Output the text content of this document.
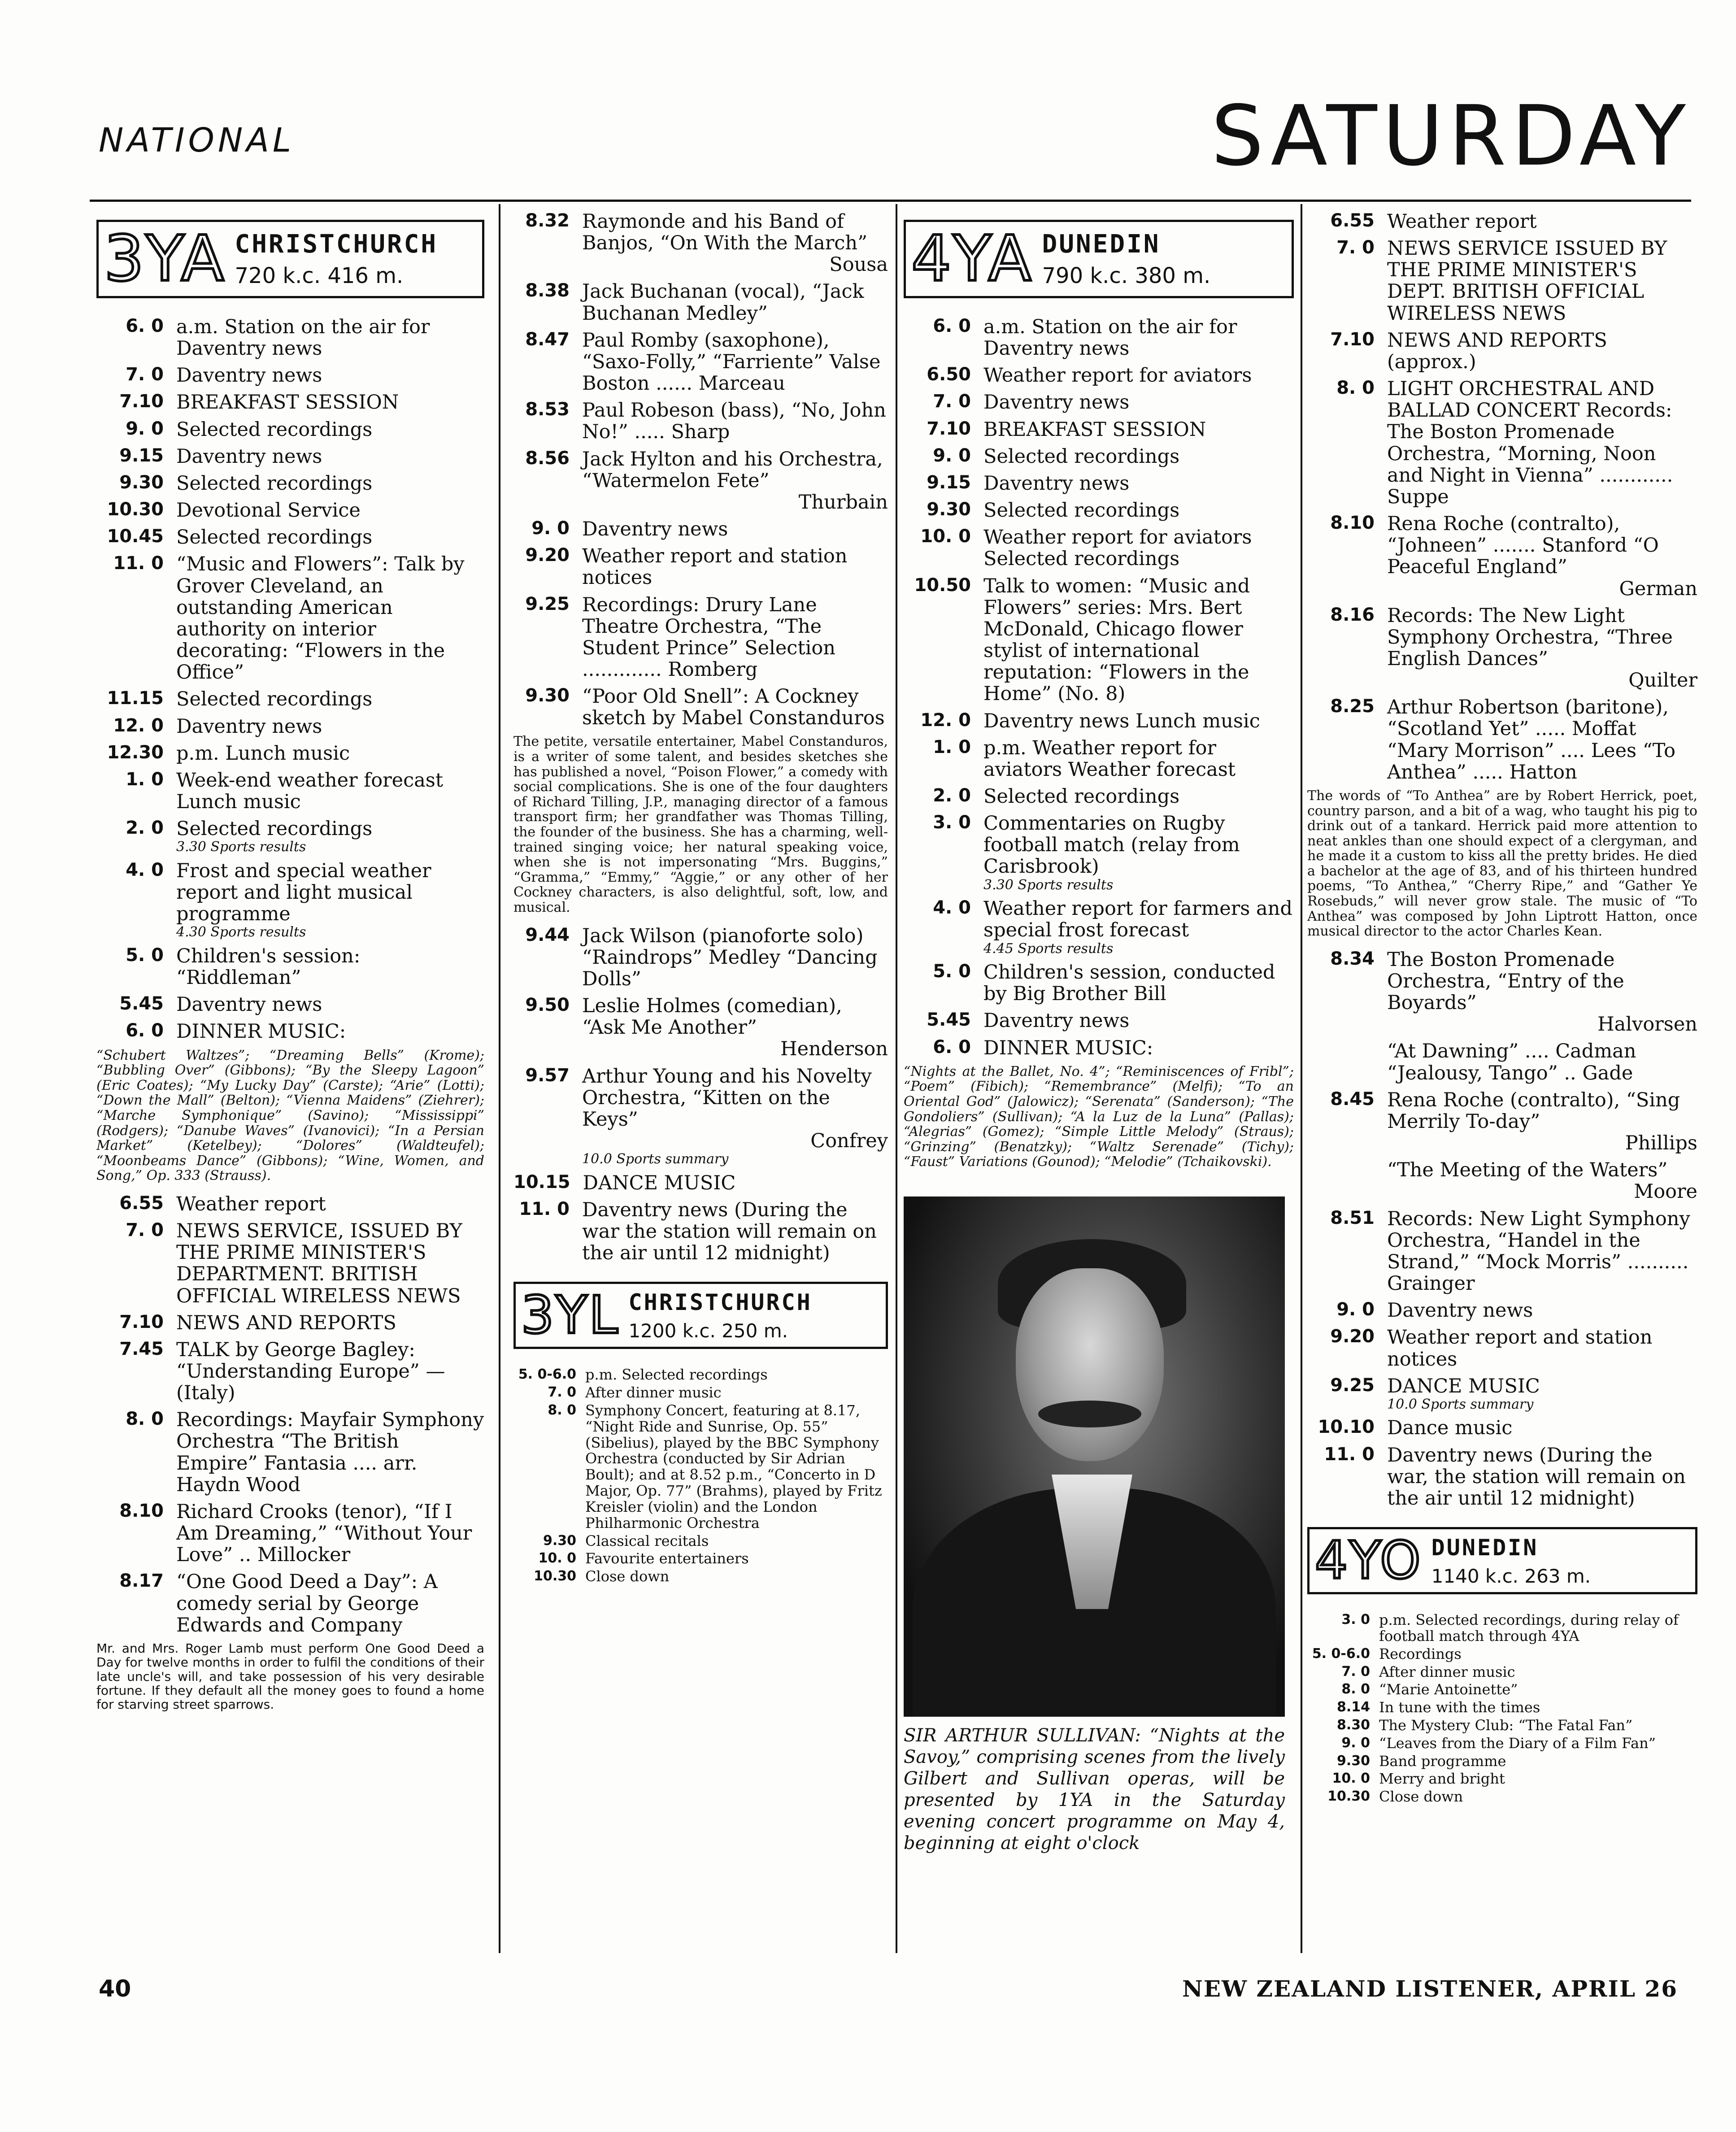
NATIONAL	SATURDAY
3YA CHRISTCHURCH
720 k.c. 416 m.
6. 0 a.m. Station on the air for Daventry news
7. 0 Daventry news
7.10 BREAKFAST SESSION
9. 0 Selected recordings
9.15 Daventry news
9.30 Selected recordings
10.30 Devotional Service
10.45 Selected recordings
11. 0 “Music and Flowers”: Talk by Grover Cleveland, an outstanding American authority on interior decorating: “Flowers in the Office”
11.15 Selected recordings
12. 0 Daventry news
12.30 p.m. Lunch music
1. 0 Week-end weather forecast Lunch music
2. 0 Selected recordings
3.30 Sports results
4. 0 Frost and special weather report and light musical programme
4.30 Sports results
5. 0 Children's session: “Riddleman”
5.45 Daventry news
6. 0 DINNER MUSIC:
“Schubert Waltzes”; “Dreaming Bells” (Krome); “Bubbling Over” (Gibbons); “By the Sleepy Lagoon” (Eric Coates); “My Lucky Day” (Carste); “Arie” (Lotti); “Down the Mall” (Belton); “Vienna Maidens” (Ziehrer); “Marche Symphonique” (Savino); “Mississippi” (Rodgers); “Danube Waves” (Ivanovici); “In a Persian Market” (Ketelbey); “Dolores” (Waldteufel); “Moonbeams Dance” (Gibbons); “Wine, Women, and Song,” Op. 333 (Strauss).
6.55 Weather report
7. 0 NEWS SERVICE, ISSUED BY THE PRIME MINISTER'S DEPARTMENT. BRITISH OFFICIAL WIRELESS NEWS
7.10 NEWS AND REPORTS
7.45 TALK by George Bagley: “Understanding Europe” — (Italy)
8. 0 Recordings: Mayfair Symphony Orchestra “The British Empire” Fantasia .... arr. Haydn Wood
8.10 Richard Crooks (tenor), “If I Am Dreaming,” “Without Your Love” .. Millocker
8.17 “One Good Deed a Day”: A comedy serial by George Edwards and Company
Mr. and Mrs. Roger Lamb must perform One Good Deed a Day for twelve months in order to fulfil the conditions of their late uncle's will, and take possession of his very desirable fortune. If they default all the money goes to found a home for starving street sparrows.
8.32 Raymonde and his Band of Banjos, “On With the March”
Sousa
8.38 Jack Buchanan (vocal), “Jack Buchanan Medley”
8.47 Paul Romby (saxophone), “Saxo-Folly,” “Farriente” Valse Boston ...... Marceau
8.53 Paul Robeson (bass), “No, John No!” ..... Sharp
8.56 Jack Hylton and his Orchestra, “Watermelon Fete”
Thurbain
9. 0 Daventry news
9.20 Weather report and station notices
9.25 Recordings: Drury Lane Theatre Orchestra, “The Student Prince” Selection ............. Romberg
9.30 “Poor Old Snell”: A Cockney sketch by Mabel Constanduros
The petite, versatile entertainer, Mabel Constanduros, is a writer of some talent, and besides sketches she has published a novel, “Poison Flower,” a comedy with social complications. She is one of the four daughters of Richard Tilling, J.P., managing director of a famous transport firm; her grandfather was Thomas Tilling, the founder of the business. She has a charming, well-trained singing voice; her natural speaking voice, when she is not impersonating “Mrs. Buggins,” “Gramma,” “Emmy,” “Aggie,” or any other of her Cockney characters, is also delightful, soft, low, and musical.
9.44 Jack Wilson (pianoforte solo) “Raindrops” Medley “Dancing Dolls”
9.50 Leslie Holmes (comedian), “Ask Me Another”
Henderson
9.57 Arthur Young and his Novelty Orchestra, “Kitten on the Keys”
Confrey
10.0 Sports summary
10.15 DANCE MUSIC
11. 0 Daventry news (During the war the station will remain on the air until 12 midnight)
3YL CHRISTCHURCH
1200 k.c. 250 m.
5. 0-6.0 p.m. Selected recordings
7. 0 After dinner music
8. 0 Symphony Concert, featuring at 8.17, “Night Ride and Sunrise, Op. 55” (Sibelius), played by the BBC Symphony Orchestra (conducted by Sir Adrian Boult); and at 8.52 p.m., “Concerto in D Major, Op. 77” (Brahms), played by Fritz Kreisler (violin) and the London Philharmonic Orchestra
9.30 Classical recitals
10. 0 Favourite entertainers
10.30 Close down
4YA DUNEDIN
790 k.c. 380 m.
6. 0 a.m. Station on the air for Daventry news
6.50 Weather report for aviators
7. 0 Daventry news
7.10 BREAKFAST SESSION
9. 0 Selected recordings
9.15 Daventry news
9.30 Selected recordings
10. 0 Weather report for aviators Selected recordings
10.50 Talk to women: “Music and Flowers” series: Mrs. Bert McDonald, Chicago flower stylist of international reputation: “Flowers in the Home” (No. 8)
12. 0 Daventry news Lunch music
1. 0 p.m. Weather report for aviators Weather forecast
2. 0 Selected recordings
3. 0 Commentaries on Rugby football match (relay from Carisbrook)
3.30 Sports results
4. 0 Weather report for farmers and special frost forecast
4.45 Sports results
5. 0 Children's session, conducted by Big Brother Bill
5.45 Daventry news
6. 0 DINNER MUSIC:
“Nights at the Ballet, No. 4”; “Reminiscences of Fribl”; “Poem” (Fibich); “Remembrance” (Melfi); “To an Oriental God” (Jalowicz); “Serenata” (Sanderson); “The Gondoliers” (Sullivan); “A la Luz de la Luna” (Pallas); “Alegrias” (Gomez); “Simple Little Melody” (Straus); “Grinzing” (Benatzky); “Waltz Serenade” (Tichy); “Faust” Variations (Gounod); “Melodie” (Tchaikovski).
SIR ARTHUR SULLIVAN: “Nights at the Savoy,” comprising scenes from the lively Gilbert and Sullivan operas, will be presented by 1YA in the Saturday evening concert programme on May 4, beginning at eight o'clock
6.55 Weather report
7. 0 NEWS SERVICE ISSUED BY THE PRIME MINISTER'S DEPT. BRITISH OFFICIAL WIRELESS NEWS
7.10 NEWS AND REPORTS (approx.)
8. 0 LIGHT ORCHESTRAL AND BALLAD CONCERT Records: The Boston Promenade Orchestra, “Morning, Noon and Night in Vienna” ............ Suppe
8.10 Rena Roche (contralto), “Johneen” ....... Stanford “O Peaceful England”
German
8.16 Records: The New Light Symphony Orchestra, “Three English Dances”
Quilter
8.25 Arthur Robertson (baritone), “Scotland Yet” ..... Moffat “Mary Morrison” .... Lees “To Anthea” ..... Hatton
The words of “To Anthea” are by Robert Herrick, poet, country parson, and a bit of a wag, who taught his pig to drink out of a tankard. Herrick paid more attention to neat ankles than one should expect of a clergyman, and he made it a custom to kiss all the pretty brides. He died a bachelor at the age of 83, and of his thirteen hundred poems, “To Anthea,” “Cherry Ripe,” and “Gather Ye Rosebuds,” will never grow stale. The music of “To Anthea” was composed by John Liptrott Hatton, once musical director to the actor Charles Kean.
8.34 The Boston Promenade Orchestra, “Entry of the Boyards”
Halvorsen
“At Dawning” .... Cadman “Jealousy, Tango” .. Gade
8.45 Rena Roche (contralto), “Sing Merrily To-day”
Phillips
“The Meeting of the Waters”
Moore
8.51 Records: New Light Symphony Orchestra, “Handel in the Strand,” “Mock Morris” .......... Grainger
9. 0 Daventry news
9.20 Weather report and station notices
9.25 DANCE MUSIC
10.0 Sports summary
10.10 Dance music
11. 0 Daventry news (During the war, the station will remain on the air until 12 midnight)
4YO DUNEDIN
1140 k.c. 263 m.
3. 0 p.m. Selected recordings, during relay of football match through 4YA
5. 0-6.0 Recordings
7. 0 After dinner music
8. 0 “Marie Antoinette”
8.14 In tune with the times
8.30 The Mystery Club: “The Fatal Fan”
9. 0 “Leaves from the Diary of a Film Fan”
9.30 Band programme
10. 0 Merry and bright
10.30 Close down
40	NEW ZEALAND LISTENER, APRIL 26
